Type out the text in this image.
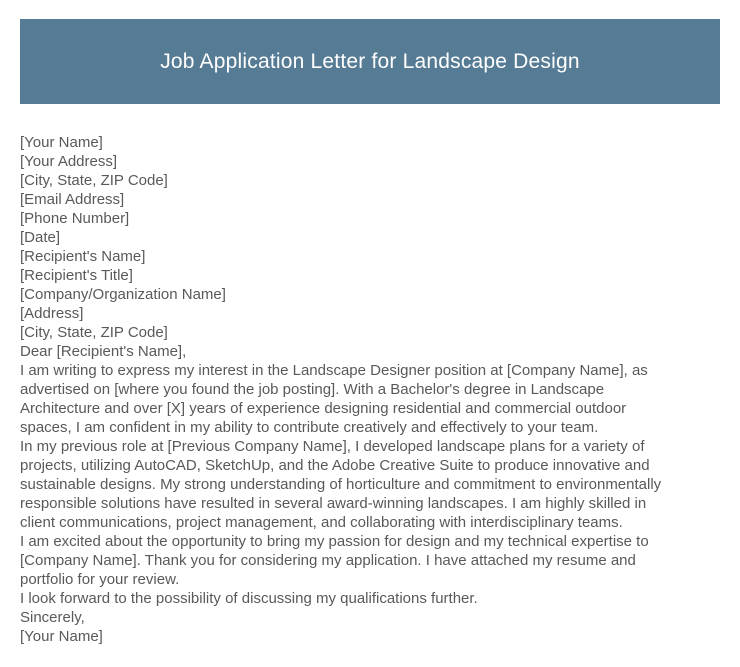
Job Application Letter for Landscape Design
[Your Name]
[Your Address]
[City, State, ZIP Code]
[Email Address]
[Phone Number]
[Date]
[Recipient's Name]
[Recipient's Title]
[Company/Organization Name]
[Address]
[City, State, ZIP Code]
Dear [Recipient's Name],
I am writing to express my interest in the Landscape Designer position at [Company Name], as
advertised on [where you found the job posting]. With a Bachelor's degree in Landscape
Architecture and over [X] years of experience designing residential and commercial outdoor
spaces, I am confident in my ability to contribute creatively and effectively to your team.
In my previous role at [Previous Company Name], I developed landscape plans for a variety of
projects, utilizing AutoCAD, SketchUp, and the Adobe Creative Suite to produce innovative and
sustainable designs. My strong understanding of horticulture and commitment to environmentally
responsible solutions have resulted in several award-winning landscapes. I am highly skilled in
client communications, project management, and collaborating with interdisciplinary teams.
I am excited about the opportunity to bring my passion for design and my technical expertise to
[Company Name]. Thank you for considering my application. I have attached my resume and
portfolio for your review.
I look forward to the possibility of discussing my qualifications further.
Sincerely,
[Your Name]
